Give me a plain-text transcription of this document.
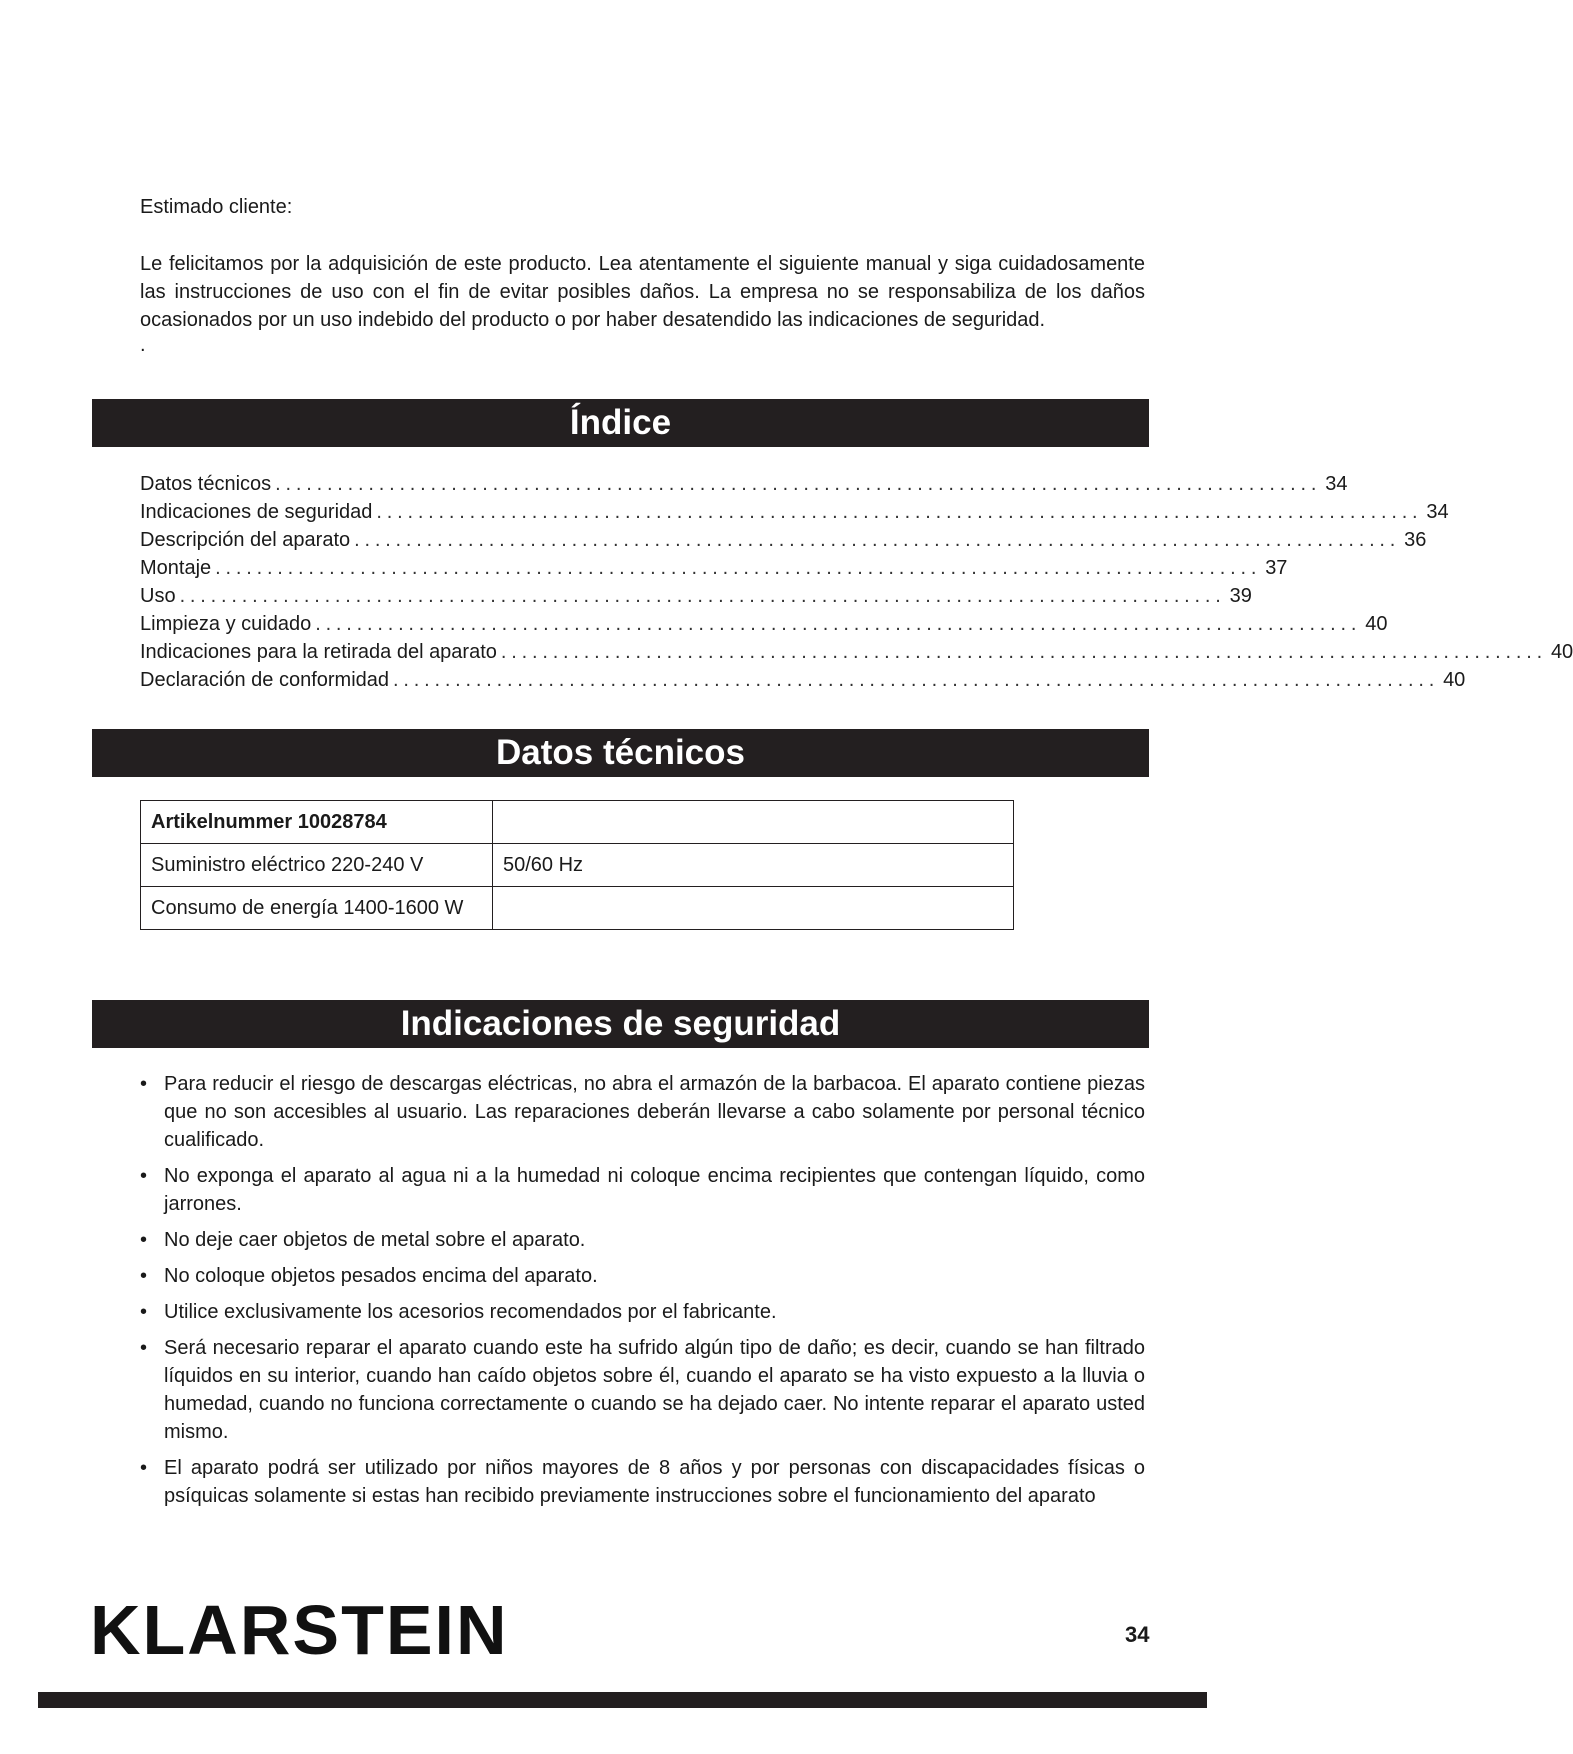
Estimado cliente:
Le felicitamos por la adquisición de este producto. Lea atentamente el siguiente manual y siga cuidadosamente las instrucciones de uso con el fin de evitar posibles daños. La empresa no se responsabiliza de los daños ocasionados por un uso indebido del producto o por haber desatendido las indicaciones de seguridad.
.
Índice
Datos técnicos ..................................................................................................... 34
Indicaciones de seguridad ..................................................................................................... 34
Descripción del aparato ..................................................................................................... 36
Montaje ..................................................................................................... 37
Uso ..................................................................................................... 39
Limpieza y cuidado ..................................................................................................... 40
Indicaciones para la retirada del aparato ..................................................................................................... 40
Declaración de conformidad ..................................................................................................... 40
Datos técnicos
Artikelnummer 10028784	
Suministro eléctrico 220-240 V	50/60 Hz
Consumo de energía 1400-1600 W	
Indicaciones de seguridad
• Para reducir el riesgo de descargas eléctricas, no abra el armazón de la barbacoa. El aparato contiene piezas que no son accesibles al usuario. Las reparaciones deberán llevarse a cabo solamente por personal técnico cualificado.
• No exponga el aparato al agua ni a la humedad ni coloque encima recipientes que contengan líquido, como jarrones.
• No deje caer objetos de metal sobre el aparato.
• No coloque objetos pesados encima del aparato.
• Utilice exclusivamente los acesorios recomendados por el fabricante.
• Será necesario reparar el aparato cuando este ha sufrido algún tipo de daño; es decir, cuando se han filtrado líquidos en su interior, cuando han caído objetos sobre él, cuando el aparato se ha visto expuesto a la lluvia o humedad, cuando no funciona correctamente o cuando se ha dejado caer. No intente reparar el aparato usted mismo.
• El aparato podrá ser utilizado por niños mayores de 8 años y por personas con discapacidades físicas o psíquicas solamente si estas han recibido previamente instrucciones sobre el funcionamiento del aparato
KLARSTEIN	34
